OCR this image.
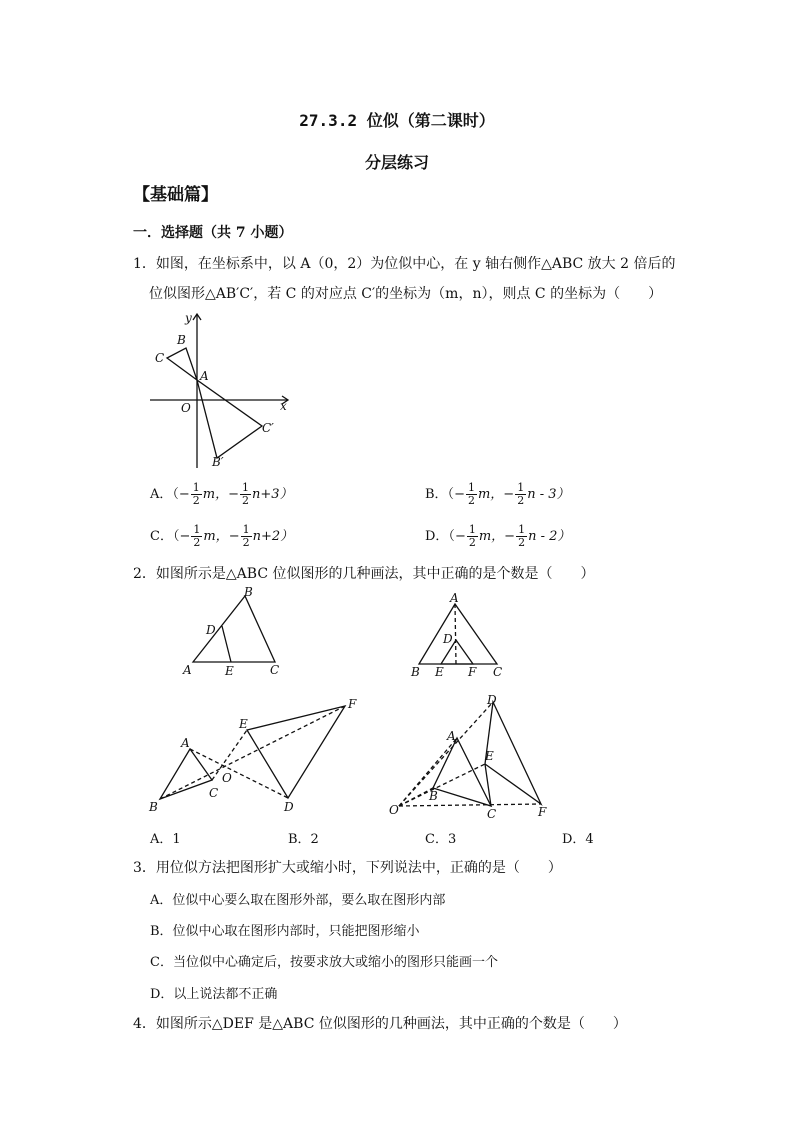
27.3.2 位似（第二课时）
分层练习
【基础篇】
一．选择题（共 7 小题）
1．如图，在坐标系中，以 A（0，2）为位似中心，在 y 轴右侧作△ABC 放大 2 倍后的
位似图形△AB′C′，若 C 的对应点 C′的坐标为（m，n），则点 C 的坐标为（　　）
y
x
B
C
A
O
C′
B′
A．（− $\frac{1}{2}$ m，− $\frac{1}{2} n+3$）	B．（− $\frac{1}{2}$ m，− $\frac{1}{2}$ n - 3）
C．（− $\frac{1}{2}$ m，− $\frac{1}{2} n+2$）	D．（− $\frac{1}{2}$ m，− $\frac{1}{2}$ n - 2）
2．如图所示是△ABC 位似图形的几种画法，其中正确的是个数是（　　）
B
D
A	E	C
A
D
B E F C
A
E
F
O
B
C
D
D
A
E
B
O	C	F
A．1	B．2	C．3	D．4
3．用位似方法把图形扩大或缩小时，下列说法中，正确的是（　　）
A．位似中心要么取在图形外部，要么取在图形内部
B．位似中心取在图形内部时，只能把图形缩小
C．当位似中心确定后，按要求放大或缩小的图形只能画一个
D．以上说法都不正确
4．如图所示△DEF 是△ABC 位似图形的几种画法，其中正确的个数是（　　）
